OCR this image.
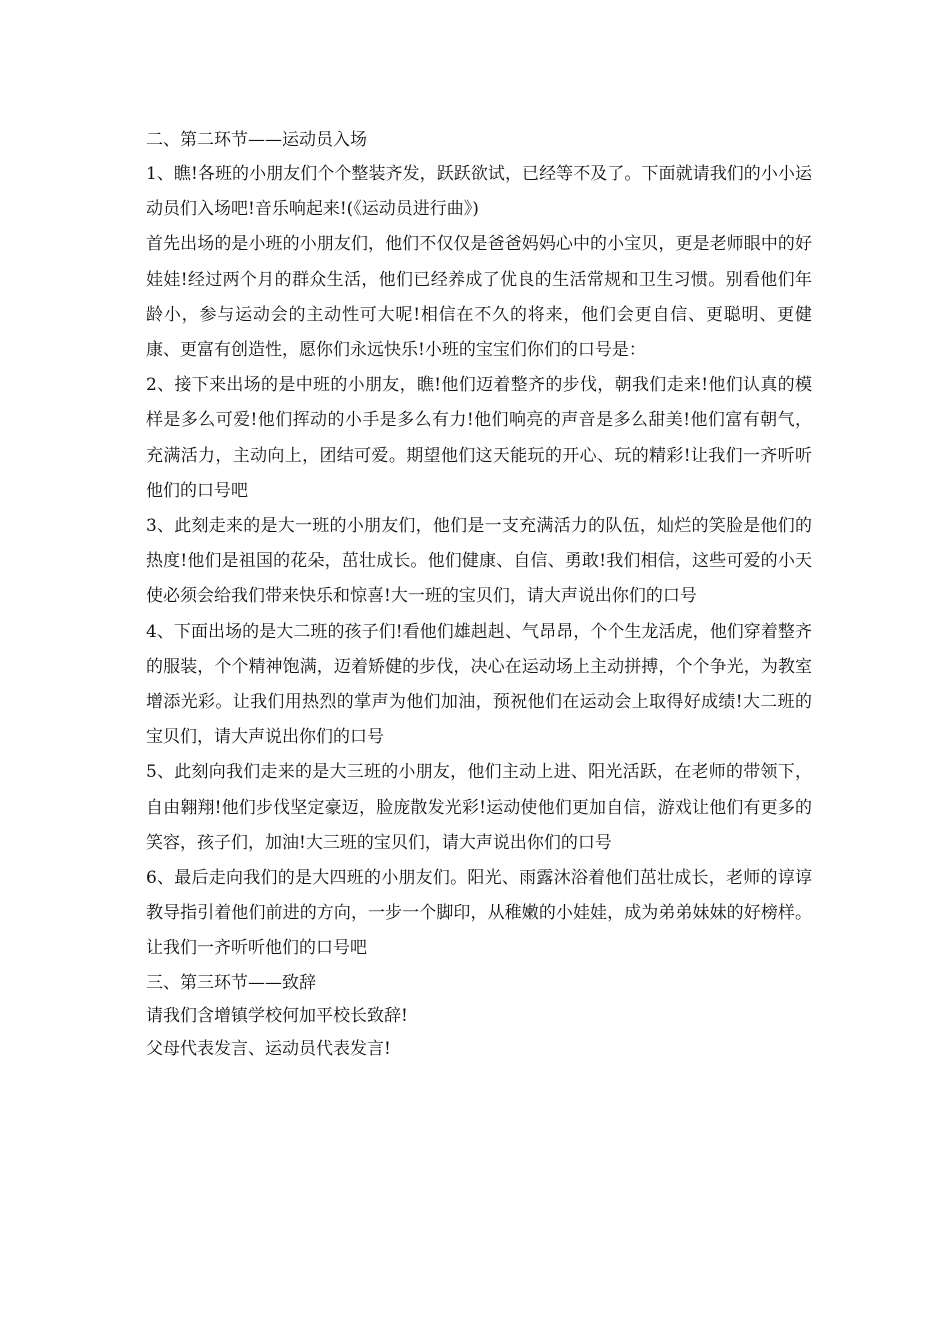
二、第二环节——运动员入场

1、瞧!各班的小朋友们个个整装齐发，跃跃欲试，已经等不及了。下面就请我们的小小运动员们入场吧!音乐响起来!(《运动员进行曲》)

首先出场的是小班的小朋友们，他们不仅仅是爸爸妈妈心中的小宝贝，更是老师眼中的好娃娃!经过两个月的群众生活，他们已经养成了优良的生活常规和卫生习惯。别看他们年龄小，参与运动会的主动性可大呢!相信在不久的将来，他们会更自信、更聪明、更健康、更富有创造性，愿你们永远快乐!小班的宝宝们你们的口号是：

2、接下来出场的是中班的小朋友，瞧!他们迈着整齐的步伐，朝我们走来!他们认真的模样是多么可爱!他们挥动的小手是多么有力!他们响亮的声音是多么甜美!他们富有朝气，充满活力，主动向上，团结可爱。期望他们这天能玩的开心、玩的精彩!让我们一齐听听他们的口号吧

3、此刻走来的是大一班的小朋友们，他们是一支充满活力的队伍，灿烂的笑脸是他们的热度!他们是祖国的花朵，茁壮成长。他们健康、自信、勇敢!我们相信，这些可爱的小天使必须会给我们带来快乐和惊喜!大一班的宝贝们，请大声说出你们的口号

4、下面出场的是大二班的孩子们!看他们雄赳赳、气昂昂，个个生龙活虎，他们穿着整齐的服装，个个精神饱满，迈着矫健的步伐，决心在运动场上主动拼搏，个个争光，为教室增添光彩。让我们用热烈的掌声为他们加油，预祝他们在运动会上取得好成绩!大二班的宝贝们，请大声说出你们的口号

5、此刻向我们走来的是大三班的小朋友，他们主动上进、阳光活跃，在老师的带领下，自由翱翔!他们步伐坚定豪迈，脸庞散发光彩!运动使他们更加自信，游戏让他们有更多的笑容，孩子们，加油!大三班的宝贝们，请大声说出你们的口号

6、最后走向我们的是大四班的小朋友们。阳光、雨露沐浴着他们茁壮成长，老师的谆谆教导指引着他们前进的方向，一步一个脚印，从稚嫩的小娃娃，成为弟弟妹妹的好榜样。让我们一齐听听他们的口号吧

三、第三环节——致辞

请我们含增镇学校何加平校长致辞!

父母代表发言、运动员代表发言!
